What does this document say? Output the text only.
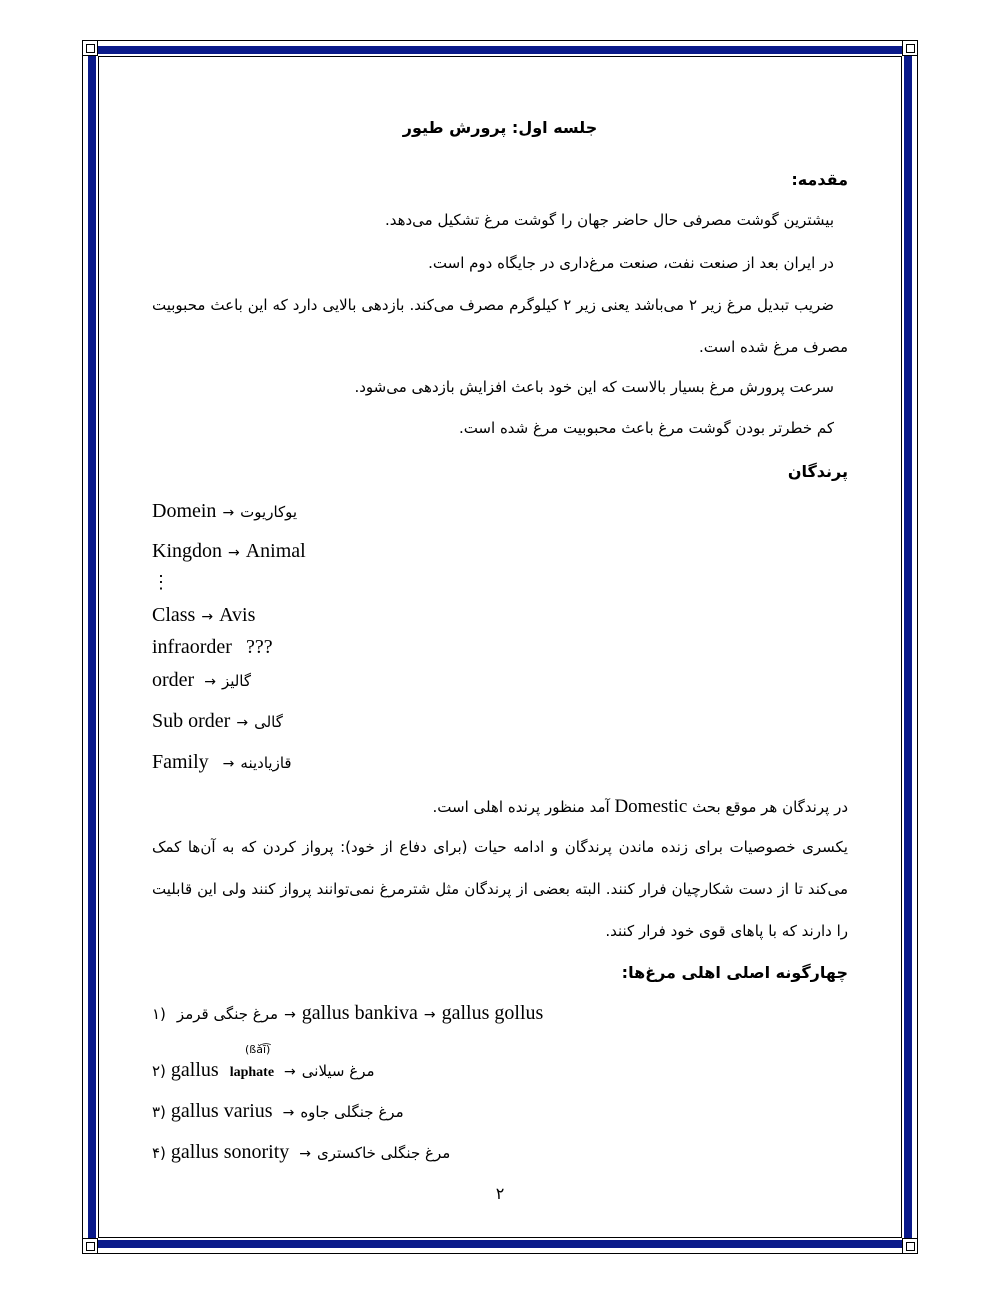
جلسه اول: پرورش طیور
مقدمه:
بیشترین گوشت مصرفی حال حاضر جهان را گوشت مرغ تشکیل می‌دهد.
در ایران بعد از صنعت نفت، صنعت مرغ‌داری در جایگاه دوم است.
ضریب تبدیل مرغ زیر ۲ می‌باشد یعنی زیر ۲ کیلوگرم مصرف می‌کند. بازدهی بالایی دارد که این باعث محبوبیت مصرف مرغ شده است.
سرعت پرورش مرغ بسیار بالاست که این خود باعث افزایش بازدهی می‌شود.
کم خطرتر بودن گوشت مرغ باعث محبوبیت مرغ شده است.
پرندگان
Domein → یوکاریوت
Kingdon → Animal
⋮
Class → Avis
infraorder ???
order → گالیز
Sub order → گالی
Family → قازیادینه
در پرندگان هر موقع بحث Domestic آمد منظور پرنده اهلی است.
یکسری خصوصیات برای زنده ماندن پرندگان و ادامه حیات (برای دفاع از خود): پرواز کردن که به آن‌ها کمک می‌کند تا از دست شکارچیان فرار کنند. البته بعضی از پرندگان مثل شترمرغ نمی‌توانند پرواز کنند ولی این قابلیت را دارند که با پاهای قوی خود فرار کنند.
چهارگونه اصلی اهلی مرغ‌ها:
۱) مرغ جنگی قرمز → gallus bankiva → gallus gollus
(ßǎĩ͡)
۲) gallus laphate → مرغ سیلانی
۳) gallus varius → مرغ جنگلی جاوه
۴) gallus sonority → مرغ جنگلی خاکستری
۲
